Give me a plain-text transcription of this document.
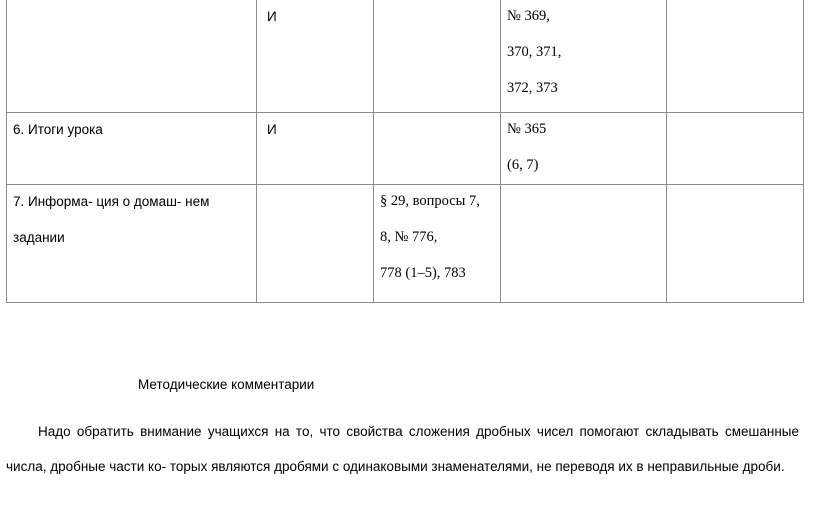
	И		№ 369,
370, 371,
372, 373	

6. Итоги урока	И		№ 365
(6, 7)	

7. Информа- ция о домаш- нем
задании		§ 29, вопросы 7,
8, № 776,
778 (1–5), 783		

Методические комментарии

Надо обратить внимание учащихся на то, что свойства сложения дробных чисел помогают складывать смешанные числа, дробные части ко- торых являются дробями с одинаковыми знаменателями, не переводя их в неправильные дроби.
